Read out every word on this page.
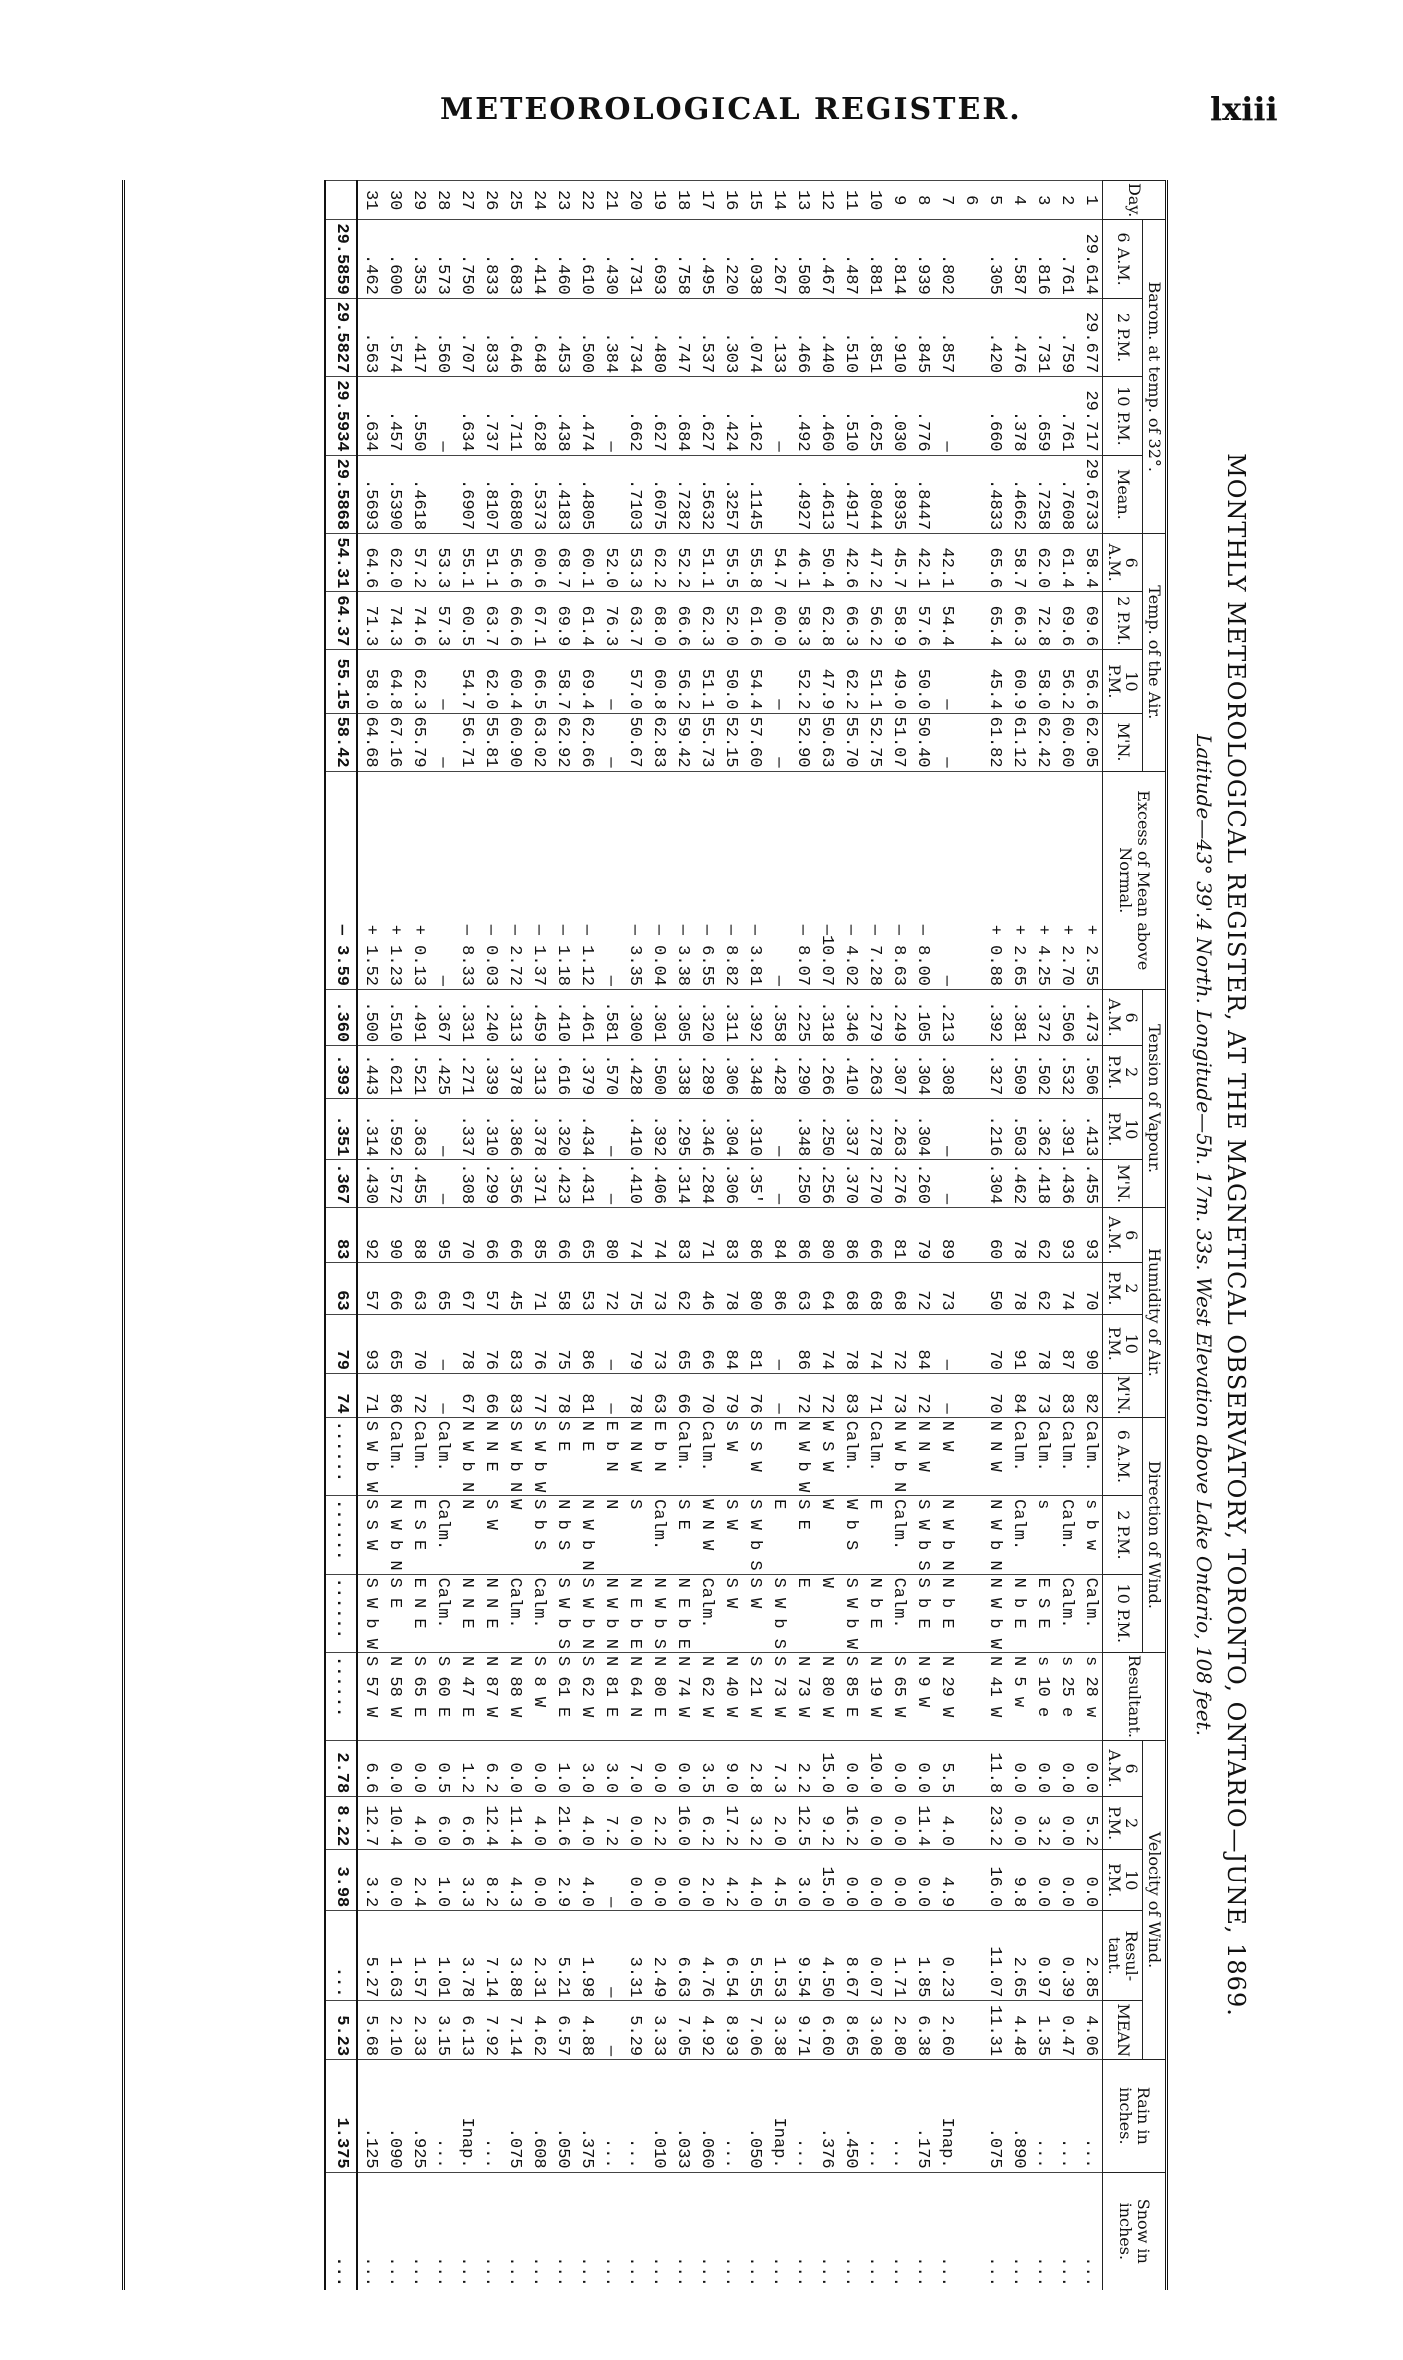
METEOROLOGICAL REGISTER.	lxiii
MONTHLY METEOROLOGICAL REGISTER, AT THE MAGNETICAL OBSERVATORY, TORONTO, ONTARIO—JUNE, 1869.
Latitude—43° 39'.4 North. Longitude—5h. 17m. 33s. West Elevation above Lake Ontario, 108 feet.
Day.	Barom. at temp. of 32°.				Temp. of the Air.				Excess of Mean above Normal.	Tension of Vapour.				Humidity of Air.				Direction of Wind.			Resultant.	Velocity of Wind.					Rain in inches.	Snow in inches.
	6 A.M.	2 P.M.	10 P.M.	Mean.	6 A.M.	2 P.M.	10 P.M.	M'N.		6 A.M.	2 P.M.	10 P.M.	M'N.	6 A.M.	2 P.M.	10 P.M.	M'N.	6 A.M.	2 P.M.	10 P.M.		6 A.M.	2 P.M.	10 P.M.	Resul- tant.	MEAN		
1	29.614	29.677	29.717	29.6733	58.4	69.6	56.6	62.05	+ 2.55	.473	.506	.413	.455	93	70	90	82	Calm.	s b w	Calm.	s 28 w	0.0	5.2	0.0	2.85	4.06	...	...
2	.761	.759	.761	.7608	61.4	69.6	56.2	60.60	+ 2.70	.506	.532	.391	.436	93	74	87	83	Calm.	Calm.	Calm.	s 25 e	0.0	0.0	0.0	0.39	0.47	...	...
3	.816	.731	.659	.7258	62.0	72.8	58.0	62.42	+ 4.25	.372	.502	.362	.418	62	62	78	73	Calm.	s	E S E	s 10 e	0.0	3.2	0.0	0.97	1.35	...	...
4	.587	.476	.378	.4662	58.7	66.3	60.9	61.12	+ 2.65	.381	.509	.503	.462	78	78	91	84	Calm.	Calm.	N b E	N 5 w	0.0	0.0	9.8	2.65	4.48	.890	...
5	.305	.420	.660	.4833	65.6	65.4	45.4	61.82	+ 0.88	.392	.327	.216	.304	60	50	70	70	N N W	N W b N	N W b W	N 41 W	11.8	23.2	16.0	11.07	11.31	.075	...
6																												
7	.802	.857	—		42.1	54.4	—	—	—	.213	.308	—	—	89	73	—	—	N W	N W b N	N b E	N 29 W	5.5	4.0	4.9	0.23	2.60	Inap.	...
8	.939	.845	.776	.8447	42.1	57.6	50.0	50.40	— 8.00	.105	.304	.304	.260	79	72	84	72	N N W	S W b S	S b E	N 9 W	0.0	11.4	0.0	1.85	6.38	.175	...
9	.814	.910	.030	.8935	45.7	58.9	49.0	51.07	— 8.63	.249	.307	.263	.276	81	68	72	73	N W b N	Calm.	Calm.	S 65 W	0.0	0.0	0.0	1.71	2.80	...	...
10	.881	.851	.625	.8044	47.2	56.2	51.1	52.75	— 7.28	.279	.263	.278	.270	66	68	74	71	Calm.	E	N b E	N 19 W	10.0	0.0	0.0	0.07	3.08	...	...
11	.487	.510	.510	.4917	42.6	66.3	62.2	55.70	— 4.02	.346	.410	.337	.370	86	68	78	83	Calm.	W b S	S W b W	S 85 E	0.0	16.2	0.0	8.67	8.65	.450	...
12	.467	.440	.460	.4613	50.4	62.8	47.9	50.63	—10.07	.318	.266	.250	.256	80	64	74	72	W S W	W	W	N 80 W	15.0	9.2	15.0	4.50	6.60	.376	...
13	.508	.466	.492	.4927	46.1	58.3	52.2	52.90	— 8.07	.225	.290	.348	.250	86	63	86	72	N W b W	S E	E	N 73 W	2.2	12.5	3.0	9.54	9.71	...	...
14	.267	.133	—		54.7	60.0	—	—	—	.358	.428	—	—	84	86	—	—	E	E	S W b S	S 73 W	7.3	2.0	4.5	1.53	3.38	Inap.	...
15	.038	.074	.162	.1145	55.8	61.6	54.4	57.60	— 3.81	.392	.348	.310	.35'	86	80	81	76	S S W	S W b S	S W	S 21 W	2.8	3.2	4.0	5.55	7.06	.050	...
16	.220	.303	.424	.3257	55.5	52.0	50.0	52.15	— 8.82	.311	.306	.304	.306	83	78	84	79	S W	S W	S W	N 40 W	9.0	17.2	4.2	6.54	8.93	...	...
17	.495	.537	.627	.5632	51.1	62.3	51.1	55.73	— 6.55	.320	.289	.346	.284	71	46	66	70	Calm.	W N W	Calm.	N 62 W	3.5	6.2	2.0	4.76	4.92	.060	...
18	.758	.747	.684	.7282	52.2	66.6	56.2	59.42	— 3.38	.305	.338	.295	.314	83	62	65	66	Calm.	S E	N E b E	N 74 W	0.0	16.0	0.0	6.63	7.05	.033	...
19	.693	.480	.627	.6075	62.2	68.0	60.8	62.83	— 0.04	.301	.500	.392	.406	74	73	73	63	E b N	Calm.	N W b S	N 80 E	0.0	2.2	0.0	2.49	3.33	.010	...
20	.731	.734	.662	.7103	53.3	63.7	57.0	50.67	— 3.35	.300	.428	.410	.410	74	75	79	78	N N W	S	N E b E	N 64 N	7.0	0.0	0.0	3.31	5.29	...	...
21	.430	.384	—		52.0	76.3	—	—	—	.581	.570	—	—	80	72	—	—	E b N	N	N W b N	N 81 E	3.0	7.2	—	—	—	...	...
22	.610	.500	.474	.4805	60.1	61.4	69.4	62.66	— 1.12	.461	.379	.434	.431	65	53	86	81	N E	N W b N	S W b N	S 62 W	3.0	4.0	4.0	1.98	4.88	.375	...
23	.460	.453	.438	.4183	68.7	69.9	58.7	62.92	— 1.18	.410	.616	.320	.423	66	58	75	78	S E	N b S	S W b S	S 61 E	1.0	21.6	2.9	5.21	6.57	.050	...
24	.414	.648	.628	.5373	60.6	67.1	66.5	63.02	— 1.37	.459	.313	.378	.371	85	71	76	77	S W b W	S b S	Calm.	S 8 W	0.0	4.0	0.0	2.31	4.62	.608	...
25	.683	.646	.711	.6880	56.6	66.6	60.4	60.90	— 2.72	.313	.378	.386	.356	66	45	83	83	S W b N	W	Calm.	N 88 W	0.0	11.4	4.3	3.88	7.14	.075	...
26	.833	.833	.737	.8107	51.1	63.7	62.0	55.81	— 0.03	.240	.339	.310	.299	66	57	76	66	N N E	S W	N N E	N 87 W	6.2	12.4	8.2	7.14	7.92	...	...
27	.750	.707	.634	.6907	55.1	60.5	54.7	56.71	— 8.33	.331	.271	.337	.308	70	67	78	67	N W b N	N	N N E	N 47 E	1.2	6.6	3.3	3.78	6.13	Inap.	...
28	.573	.560	—		53.3	57.3	—	—	—	.367	.425	—	—	95	65	—	—	Calm.	Calm.	Calm.	S 60 E	0.5	6.0	1.0	1.01	3.15	...	...
29	.353	.417	.550	.4618	57.2	74.6	62.3	65.79	+ 0.13	.491	.521	.363	.455	88	63	70	72	Calm.	E S E	E N E	S 65 E	0.0	4.0	2.4	1.57	2.33	.925	...
30	.600	.574	.457	.5390	62.0	74.3	64.8	67.16	+ 1.23	.510	.621	.592	.572	90	66	65	86	Calm.	N W b N	S E	N 58 W	0.0	10.4	0.0	1.63	2.10	.090	...
31	.462	.563	.634	.5693	64.6	71.3	58.0	64.68	+ 1.52	.500	.443	.314	.430	92	57	93	71	S W b W	S S W	S W b W	S 57 W	6.6	12.7	3.2	5.27	5.68	.125	...
	29.5859	29.5827	29.5934	29.5868	54.31	64.37	55.15	58.42	— 3.59	.360	.393	.351	.367	83	63	79	74	......	......	......	......	2.78	8.22	3.98	...	5.23	1.375	...
